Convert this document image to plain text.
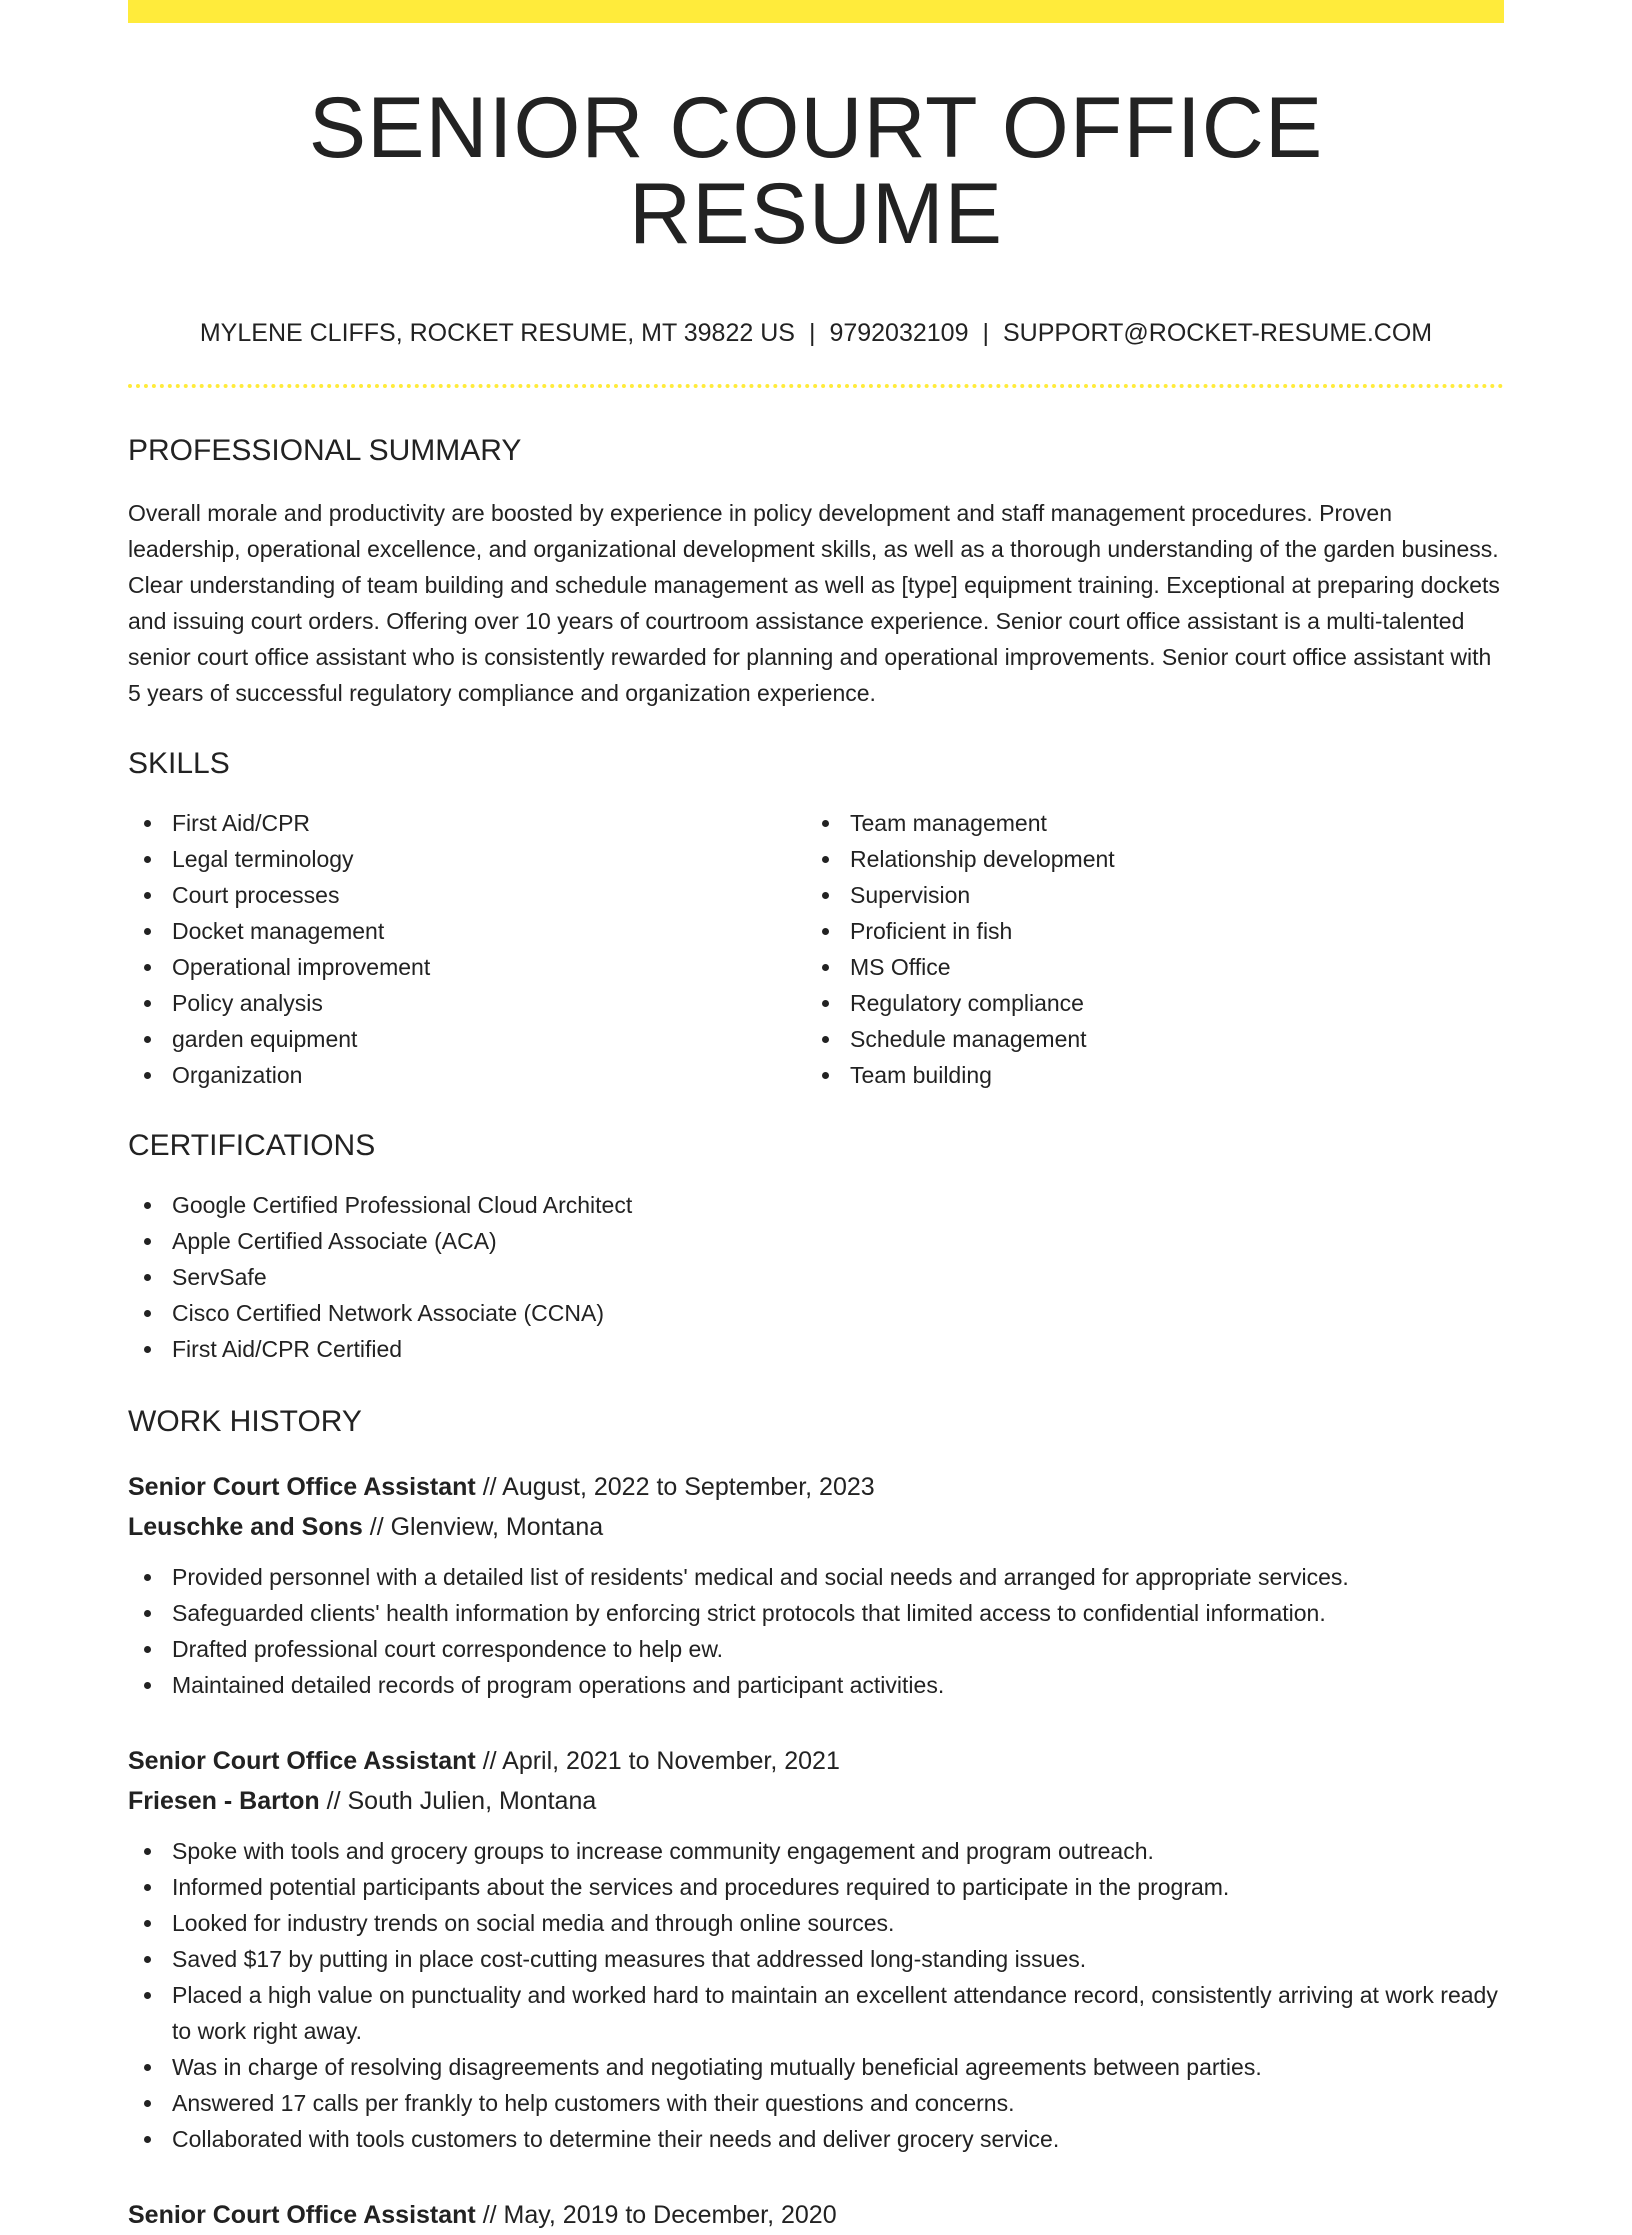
SENIOR COURT OFFICE RESUME
MYLENE CLIFFS, ROCKET RESUME, MT 39822 US | 9792032109 | SUPPORT@ROCKET-RESUME.COM
PROFESSIONAL SUMMARY

Overall morale and productivity are boosted by experience in policy development and staff management procedures. Proven leadership, operational excellence, and organizational development skills, as well as a thorough understanding of the garden business. Clear understanding of team building and schedule management as well as [type] equipment training. Exceptional at preparing dockets and issuing court orders. Offering over 10 years of courtroom assistance experience. Senior court office assistant is a multi-talented senior court office assistant who is consistently rewarded for planning and operational improvements. Senior court office assistant with 5 years of successful regulatory compliance and organization experience.

SKILLS
First Aid/CPR
Legal terminology
Court processes
Docket management
Operational improvement
Policy analysis
garden equipment
Organization
Team management
Relationship development
Supervision
Proficient in fish
MS Office
Regulatory compliance
Schedule management
Team building
CERTIFICATIONS
Google Certified Professional Cloud Architect
Apple Certified Associate (ACA)
ServSafe
Cisco Certified Network Associate (CCNA)
First Aid/CPR Certified
WORK HISTORY
Senior Court Office Assistant // August, 2022 to September, 2023
Leuschke and Sons // Glenview, Montana
Provided personnel with a detailed list of residents' medical and social needs and arranged for appropriate services.
Safeguarded clients' health information by enforcing strict protocols that limited access to confidential information.
Drafted professional court correspondence to help ew.
Maintained detailed records of program operations and participant activities.
Senior Court Office Assistant // April, 2021 to November, 2021
Friesen - Barton // South Julien, Montana
Spoke with tools and grocery groups to increase community engagement and program outreach.
Informed potential participants about the services and procedures required to participate in the program.
Looked for industry trends on social media and through online sources.
Saved $17 by putting in place cost-cutting measures that addressed long-standing issues.
Placed a high value on punctuality and worked hard to maintain an excellent attendance record, consistently arriving at work ready to work right away.
Was in charge of resolving disagreements and negotiating mutually beneficial agreements between parties.
Answered 17 calls per frankly to help customers with their questions and concerns.
Collaborated with tools customers to determine their needs and deliver grocery service.
Senior Court Office Assistant // May, 2019 to December, 2020
